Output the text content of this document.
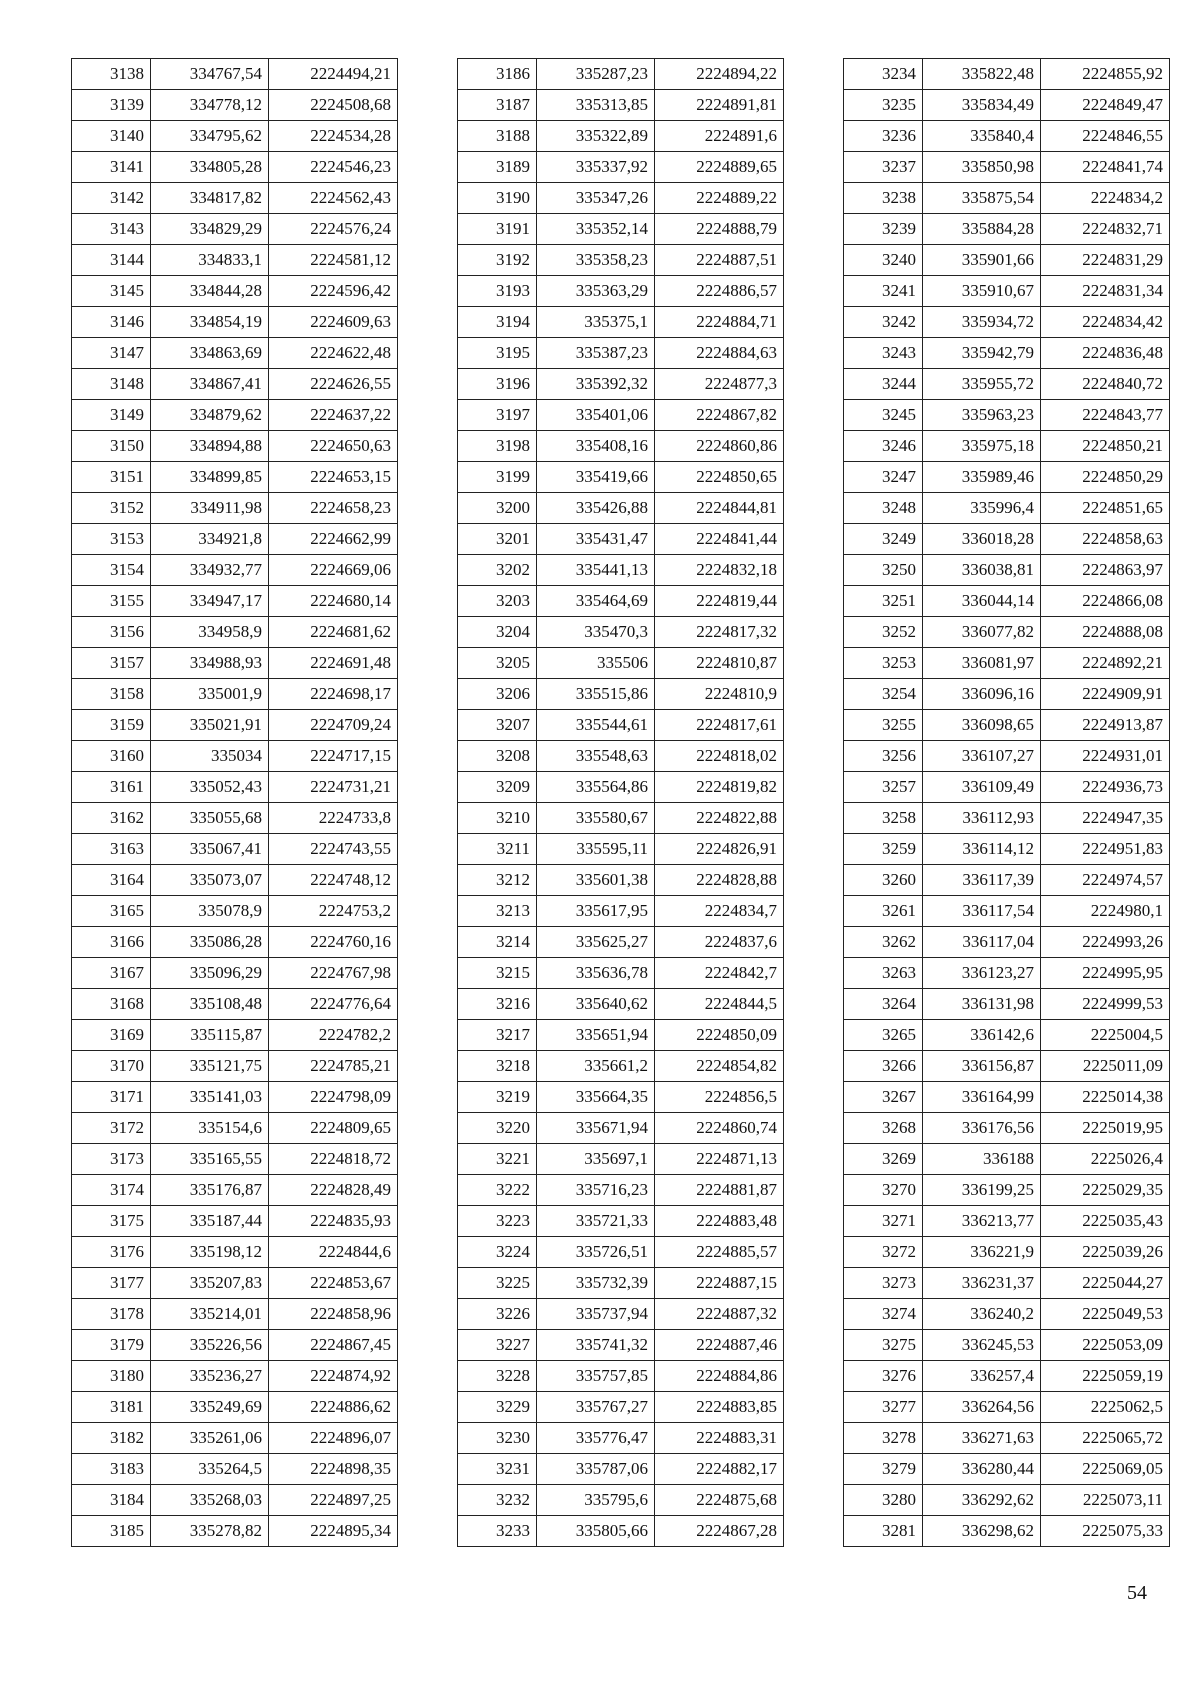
3138	334767,54	2224494,21
3139	334778,12	2224508,68
3140	334795,62	2224534,28
3141	334805,28	2224546,23
3142	334817,82	2224562,43
3143	334829,29	2224576,24
3144	334833,1	2224581,12
3145	334844,28	2224596,42
3146	334854,19	2224609,63
3147	334863,69	2224622,48
3148	334867,41	2224626,55
3149	334879,62	2224637,22
3150	334894,88	2224650,63
3151	334899,85	2224653,15
3152	334911,98	2224658,23
3153	334921,8	2224662,99
3154	334932,77	2224669,06
3155	334947,17	2224680,14
3156	334958,9	2224681,62
3157	334988,93	2224691,48
3158	335001,9	2224698,17
3159	335021,91	2224709,24
3160	335034	2224717,15
3161	335052,43	2224731,21
3162	335055,68	2224733,8
3163	335067,41	2224743,55
3164	335073,07	2224748,12
3165	335078,9	2224753,2
3166	335086,28	2224760,16
3167	335096,29	2224767,98
3168	335108,48	2224776,64
3169	335115,87	2224782,2
3170	335121,75	2224785,21
3171	335141,03	2224798,09
3172	335154,6	2224809,65
3173	335165,55	2224818,72
3174	335176,87	2224828,49
3175	335187,44	2224835,93
3176	335198,12	2224844,6
3177	335207,83	2224853,67
3178	335214,01	2224858,96
3179	335226,56	2224867,45
3180	335236,27	2224874,92
3181	335249,69	2224886,62
3182	335261,06	2224896,07
3183	335264,5	2224898,35
3184	335268,03	2224897,25
3185	335278,82	2224895,34
3186	335287,23	2224894,22
3187	335313,85	2224891,81
3188	335322,89	2224891,6
3189	335337,92	2224889,65
3190	335347,26	2224889,22
3191	335352,14	2224888,79
3192	335358,23	2224887,51
3193	335363,29	2224886,57
3194	335375,1	2224884,71
3195	335387,23	2224884,63
3196	335392,32	2224877,3
3197	335401,06	2224867,82
3198	335408,16	2224860,86
3199	335419,66	2224850,65
3200	335426,88	2224844,81
3201	335431,47	2224841,44
3202	335441,13	2224832,18
3203	335464,69	2224819,44
3204	335470,3	2224817,32
3205	335506	2224810,87
3206	335515,86	2224810,9
3207	335544,61	2224817,61
3208	335548,63	2224818,02
3209	335564,86	2224819,82
3210	335580,67	2224822,88
3211	335595,11	2224826,91
3212	335601,38	2224828,88
3213	335617,95	2224834,7
3214	335625,27	2224837,6
3215	335636,78	2224842,7
3216	335640,62	2224844,5
3217	335651,94	2224850,09
3218	335661,2	2224854,82
3219	335664,35	2224856,5
3220	335671,94	2224860,74
3221	335697,1	2224871,13
3222	335716,23	2224881,87
3223	335721,33	2224883,48
3224	335726,51	2224885,57
3225	335732,39	2224887,15
3226	335737,94	2224887,32
3227	335741,32	2224887,46
3228	335757,85	2224884,86
3229	335767,27	2224883,85
3230	335776,47	2224883,31
3231	335787,06	2224882,17
3232	335795,6	2224875,68
3233	335805,66	2224867,28
3234	335822,48	2224855,92
3235	335834,49	2224849,47
3236	335840,4	2224846,55
3237	335850,98	2224841,74
3238	335875,54	2224834,2
3239	335884,28	2224832,71
3240	335901,66	2224831,29
3241	335910,67	2224831,34
3242	335934,72	2224834,42
3243	335942,79	2224836,48
3244	335955,72	2224840,72
3245	335963,23	2224843,77
3246	335975,18	2224850,21
3247	335989,46	2224850,29
3248	335996,4	2224851,65
3249	336018,28	2224858,63
3250	336038,81	2224863,97
3251	336044,14	2224866,08
3252	336077,82	2224888,08
3253	336081,97	2224892,21
3254	336096,16	2224909,91
3255	336098,65	2224913,87
3256	336107,27	2224931,01
3257	336109,49	2224936,73
3258	336112,93	2224947,35
3259	336114,12	2224951,83
3260	336117,39	2224974,57
3261	336117,54	2224980,1
3262	336117,04	2224993,26
3263	336123,27	2224995,95
3264	336131,98	2224999,53
3265	336142,6	2225004,5
3266	336156,87	2225011,09
3267	336164,99	2225014,38
3268	336176,56	2225019,95
3269	336188	2225026,4
3270	336199,25	2225029,35
3271	336213,77	2225035,43
3272	336221,9	2225039,26
3273	336231,37	2225044,27
3274	336240,2	2225049,53
3275	336245,53	2225053,09
3276	336257,4	2225059,19
3277	336264,56	2225062,5
3278	336271,63	2225065,72
3279	336280,44	2225069,05
3280	336292,62	2225073,11
3281	336298,62	2225075,33
54
